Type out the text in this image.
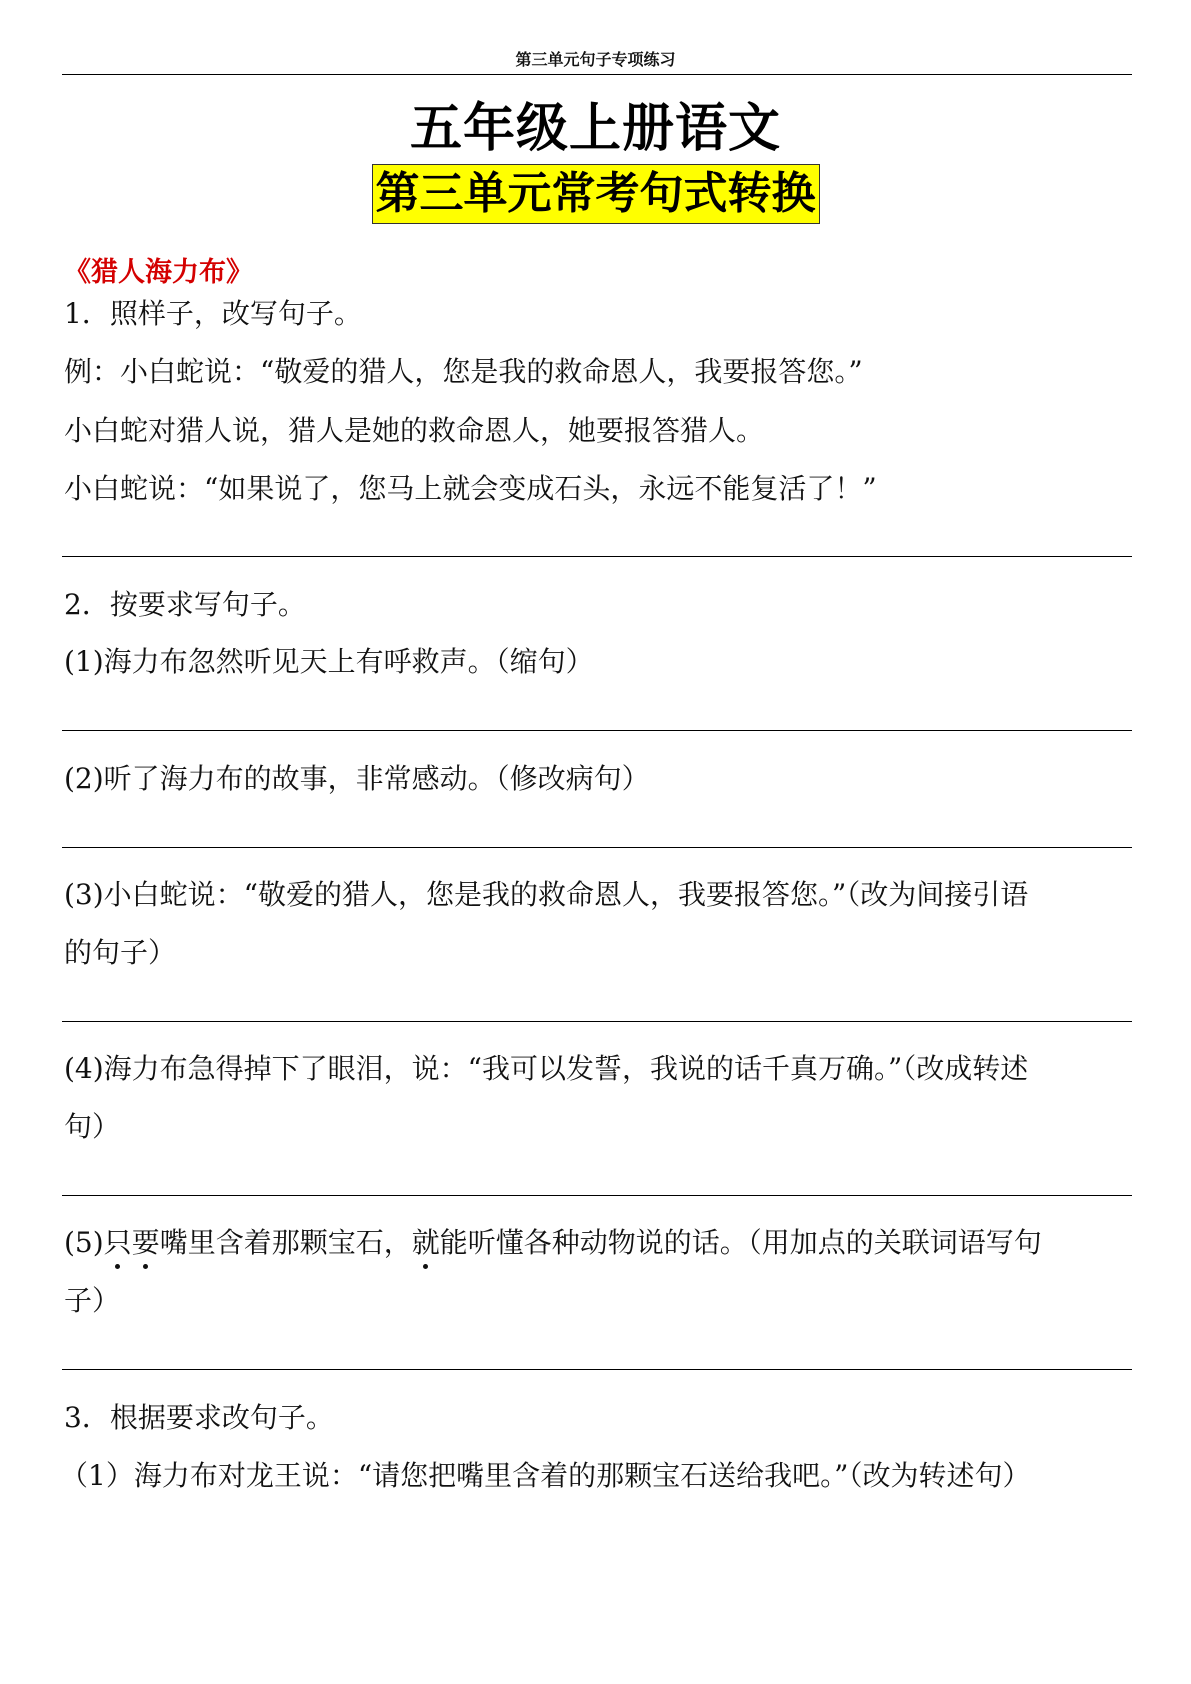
第三单元句子专项练习
五年级上册语文
第三单元常考句式转换
《猎人海力布》
1．照样子，改写句子。
例：小白蛇说：“敬爱的猎人，您是我的救命恩人，我要报答您。”
小白蛇对猎人说，猎人是她的救命恩人，她要报答猎人。
小白蛇说：“如果说了，您马上就会变成石头，永远不能复活了！”
2．按要求写句子。
(1)海力布忽然听见天上有呼救声。（缩句）
(2)听了海力布的故事，非常感动。（修改病句）
(3)小白蛇说：“敬爱的猎人，您是我的救命恩人，我要报答您。”（改为间接引语
的句子）
(4)海力布急得掉下了眼泪，说：“我可以发誓，我说的话千真万确。”（改成转述
句）
(5)只要嘴里含着那颗宝石，就能听懂各种动物说的话。（用加点的关联词语写句
子）
3．根据要求改句子。
（1）海力布对龙王说：“请您把嘴里含着的那颗宝石送给我吧。”（改为转述句）
